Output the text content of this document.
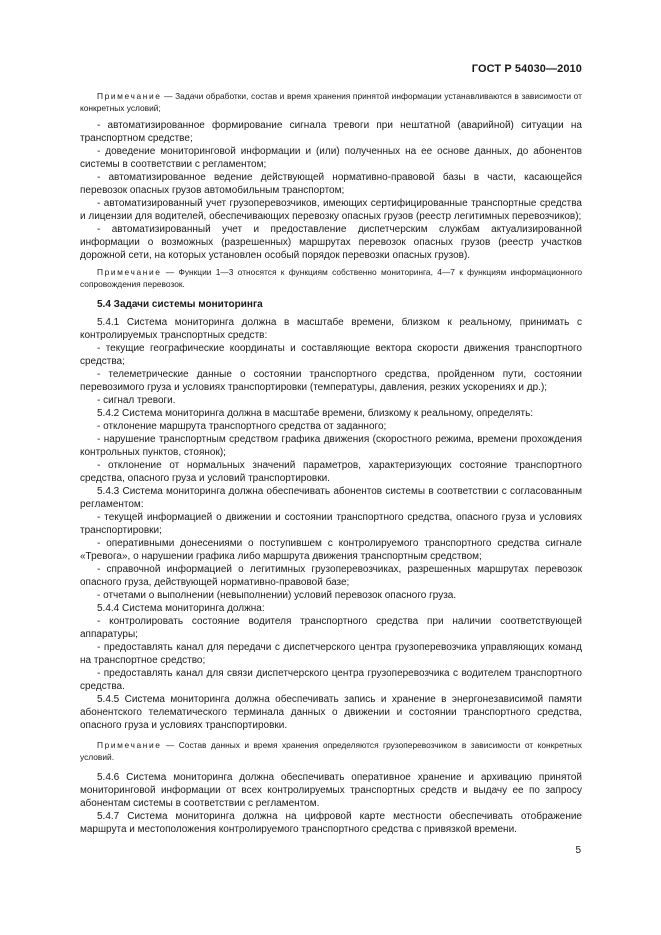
ГОСТ Р 54030—2010

Примечание — Задачи обработки, состав и время хранения принятой информации устанавливаются в зависимости от конкретных условий;

- автоматизированное формирование сигнала тревоги при нештатной (аварийной) ситуации на транспортном средстве;

- доведение мониторинговой информации и (или) полученных на ее основе данных, до абонентов системы в соответствии с регламентом;

- автоматизированное ведение действующей нормативно-правовой базы в части, касающейся перевозок опасных грузов автомобильным транспортом;

- автоматизированный учет грузоперевозчиков, имеющих сертифицированные транспортные средства и лицензии для водителей, обеспечивающих перевозку опасных грузов (реестр легитимных перевозчиков);

- автоматизированный учет и предоставление диспетчерским службам актуализированной информации о возможных (разрешенных) маршрутах перевозок опасных грузов (реестр участков дорожной сети, на которых установлен особый порядок перевозки опасных грузов).

Примечание — Функции 1—3 относятся к функциям собственно мониторинга, 4—7 к функциям информационного сопровождения перевозок.

5.4 Задачи системы мониторинга

5.4.1 Система мониторинга должна в масштабе времени, близком к реальному, принимать с контролируемых транспортных средств:

- текущие географические координаты и составляющие вектора скорости движения транспортного средства;

- телеметрические данные о состоянии транспортного средства, пройденном пути, состоянии перевозимого груза и условиях транспортировки (температуры, давления, резких ускорениях и др.);

- сигнал тревоги.

5.4.2 Система мониторинга должна в масштабе времени, близкому к реальному, определять:

- отклонение маршрута транспортного средства от заданного;

- нарушение транспортным средством графика движения (скоростного режима, времени прохождения контрольных пунктов, стоянок);

- отклонение от нормальных значений параметров, характеризующих состояние транспортного средства, опасного груза и условий транспортировки.

5.4.3 Система мониторинга должна обеспечивать абонентов системы в соответствии с согласованным регламентом:

- текущей информацией о движении и состоянии транспортного средства, опасного груза и условиях транспортировки;

- оперативными донесениями о поступившем с контролируемого транспортного средства сигнале «Тревога», о нарушении графика либо маршрута движения транспортным средством;

- справочной информацией о легитимных грузоперевозчиках, разрешенных маршрутах перевозок опасного груза, действующей нормативно-правовой базе;

- отчетами о выполнении (невыполнении) условий перевозок опасного груза.

5.4.4 Система мониторинга должна:

- контролировать состояние водителя транспортного средства при наличии соответствующей аппаратуры;

- предоставлять канал для передачи с диспетчерского центра грузоперевозчика управляющих команд на транспортное средство;

- предоставлять канал для связи диспетчерского центра грузоперевозчика с водителем транспортного средства.

5.4.5 Система мониторинга должна обеспечивать запись и хранение в энергонезависимой памяти абонентского телематического терминала данных о движении и состоянии транспортного средства, опасного груза и условиях транспортировки.

Примечание — Состав данных и время хранения определяются грузоперевозчиком в зависимости от конкретных условий.

5.4.6 Система мониторинга должна обеспечивать оперативное хранение и архивацию принятой мониторинговой информации от всех контролируемых транспортных средств и выдачу ее по запросу абонентам системы в соответствии с регламентом.

5.4.7 Система мониторинга должна на цифровой карте местности обеспечивать отображение маршрута и местоположения контролируемого транспортного средства с привязкой времени.

5
